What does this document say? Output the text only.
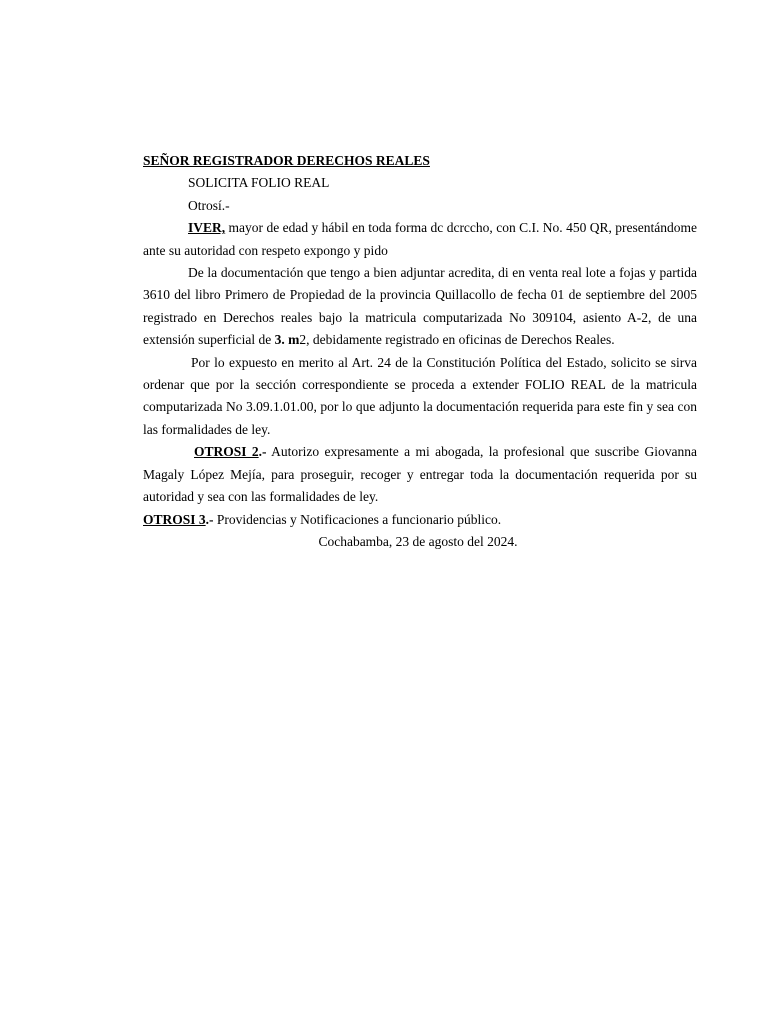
SEÑOR REGISTRADOR DERECHOS REALES

SOLICITA FOLIO REAL

Otrosí.-

IVER, mayor de edad y hábil en toda forma dc dcrccho, con C.I. No. 450 QR, presentándome ante su autoridad con respeto expongo y pido

De la documentación que tengo a bien adjuntar acredita, di en venta real lote a fojas y partida 3610 del libro Primero de Propiedad de la provincia Quillacollo de fecha 01 de septiembre del 2005 registrado en Derechos reales bajo la matricula computarizada No 309104, asiento A-2, de una extensión superficial de 3. m2, debidamente registrado en oficinas de Derechos Reales.

Por lo expuesto en merito al Art. 24 de la Constitución Política del Estado, solicito se sirva ordenar que por la sección correspondiente se proceda a extender FOLIO REAL de la matricula computarizada No 3.09.1.01.00, por lo que adjunto la documentación requerida para este fin y sea con las formalidades de ley.

OTROSI 2.- Autorizo expresamente a mi abogada, la profesional que suscribe Giovanna Magaly López Mejía, para proseguir, recoger y entregar toda la documentación requerida por su autoridad y sea con las formalidades de ley.

OTROSI 3.- Providencias y Notificaciones a funcionario público.

Cochabamba, 23 de agosto del 2024.
